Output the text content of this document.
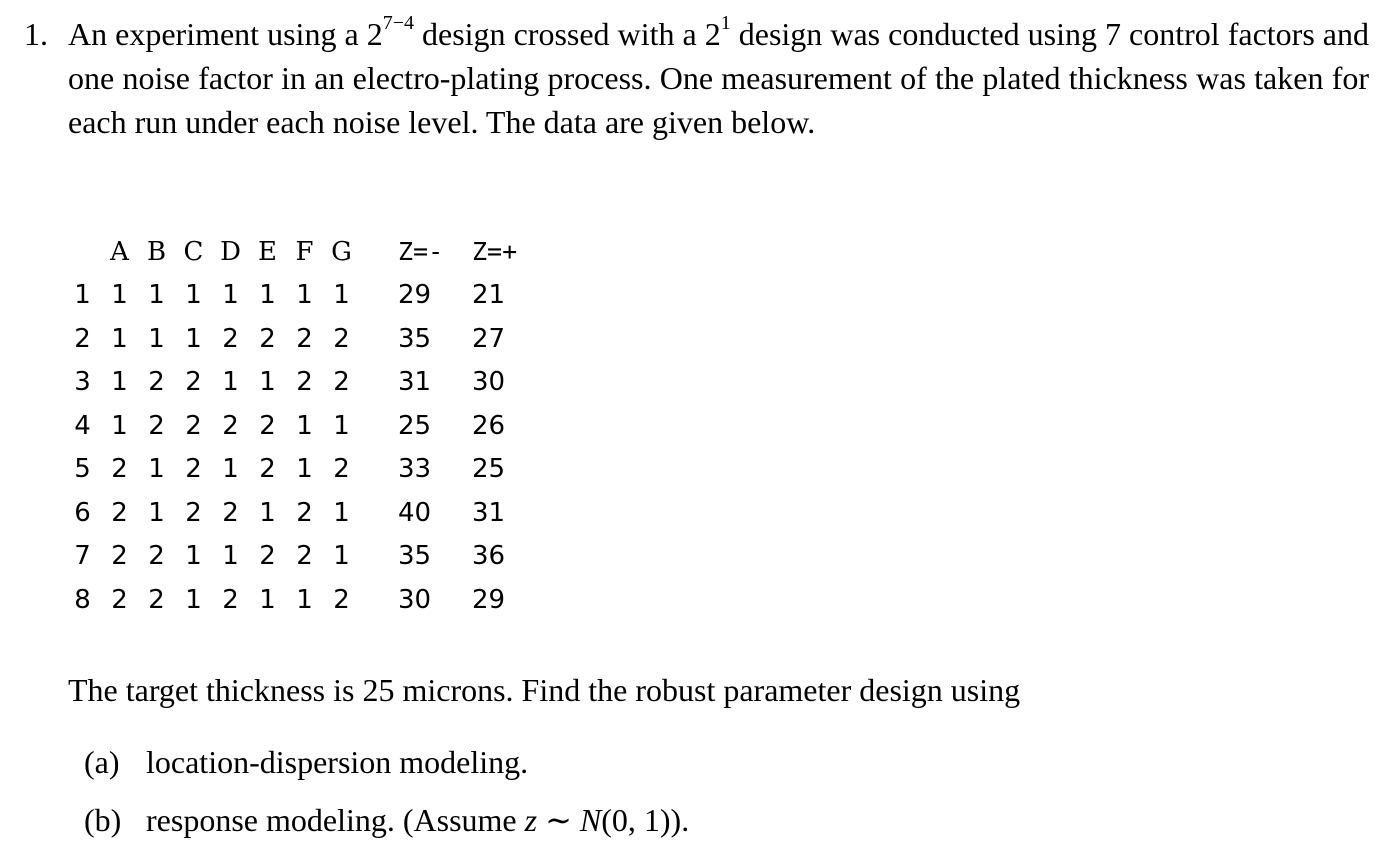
1. An experiment using a $2^{7-4}$ design crossed with a $2^1$ design was conducted using 7 control factors and one noise factor in an electro-plating process. One measurement of the plated thickness was taken for each run under each noise level. The data are given below.
	A	B	C	D	E	F	G		Z=-		Z=+
1	1	1	1	1	1	1	1		29		21
2	1	1	1	2	2	2	2		35		27
3	1	2	2	1	1	2	2		31		30
4	1	2	2	2	2	1	1		25		26
5	2	1	2	1	2	1	2		33		25
6	2	1	2	2	1	2	1		40		31
7	2	2	1	1	2	2	1		35		36
8	2	2	1	2	1	1	2		30		29
The target thickness is 25 microns. Find the robust parameter design using
(a) location-dispersion modeling.
(b) response modeling. (Assume z ∼ N(0, 1)).
